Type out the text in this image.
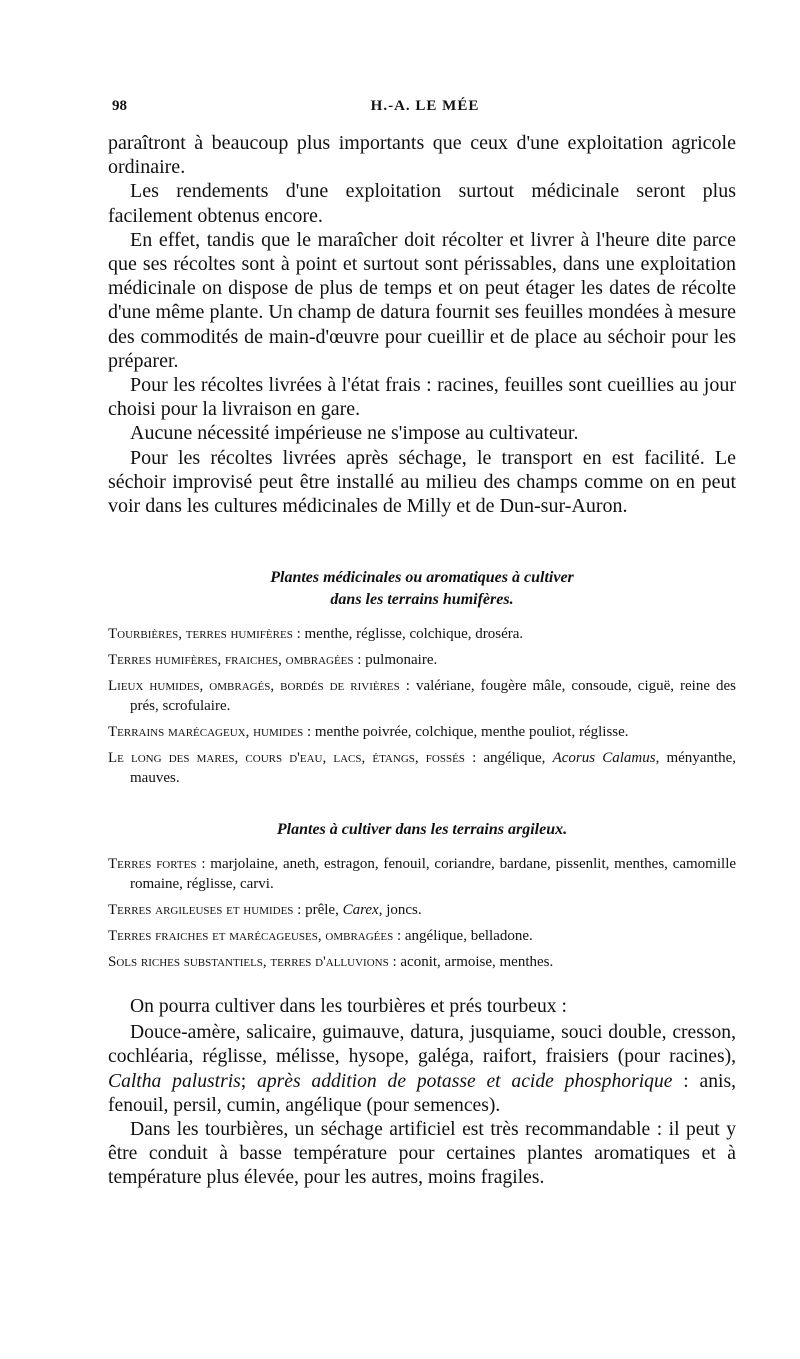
98	H.-A. LE MÉE

paraîtront à beaucoup plus importants que ceux d'une exploitation agricole ordinaire.

Les rendements d'une exploitation surtout médicinale seront plus facilement obtenus encore.

En effet, tandis que le maraîcher doit récolter et livrer à l'heure dite parce que ses récoltes sont à point et surtout sont périssables, dans une exploitation médicinale on dispose de plus de temps et on peut étager les dates de récolte d'une même plante. Un champ de datura fournit ses feuilles mondées à mesure des commodités de main-d'œuvre pour cueillir et de place au séchoir pour les préparer.

Pour les récoltes livrées à l'état frais : racines, feuilles sont cueillies au jour choisi pour la livraison en gare.

Aucune nécessité impérieuse ne s'impose au cultivateur.

Pour les récoltes livrées après séchage, le transport en est facilité. Le séchoir improvisé peut être installé au milieu des champs comme on en peut voir dans les cultures médicinales de Milly et de Dun-sur-Auron.

Plantes médicinales ou aromatiques à cultiver
dans les terrains humifères.
Tourbières, terres humifères : menthe, réglisse, colchique, droséra.
Terres humifères, fraiches, ombragées : pulmonaire.
Lieux humides, ombragés, bordés de rivières : valériane, fougère mâle, consoude, ciguë, reine des prés, scrofulaire.
Terrains marécageux, humides : menthe poivrée, colchique, menthe pouliot, réglisse.
Le long des mares, cours d'eau, lacs, étangs, fossés : angélique, Acorus Calamus, ményanthe, mauves.
Plantes à cultiver dans les terrains argileux.
Terres fortes : marjolaine, aneth, estragon, fenouil, coriandre, bardane, pissenlit, menthes, camomille romaine, réglisse, carvi.
Terres argileuses et humides : prêle, Carex, joncs.
Terres fraiches et marécageuses, ombragées : angélique, belladone.
Sols riches substantiels, terres d'alluvions : aconit, armoise, menthes.

On pourra cultiver dans les tourbières et prés tourbeux :

Douce-amère, salicaire, guimauve, datura, jusquiame, souci double, cresson, cochléaria, réglisse, mélisse, hysope, galéga, raifort, fraisiers (pour racines), Caltha palustris; après addition de potasse et acide phosphorique : anis, fenouil, persil, cumin, angélique (pour semences).

Dans les tourbières, un séchage artificiel est très recommandable : il peut y être conduit à basse température pour certaines plantes aromatiques et à température plus élevée, pour les autres, moins fragiles.
